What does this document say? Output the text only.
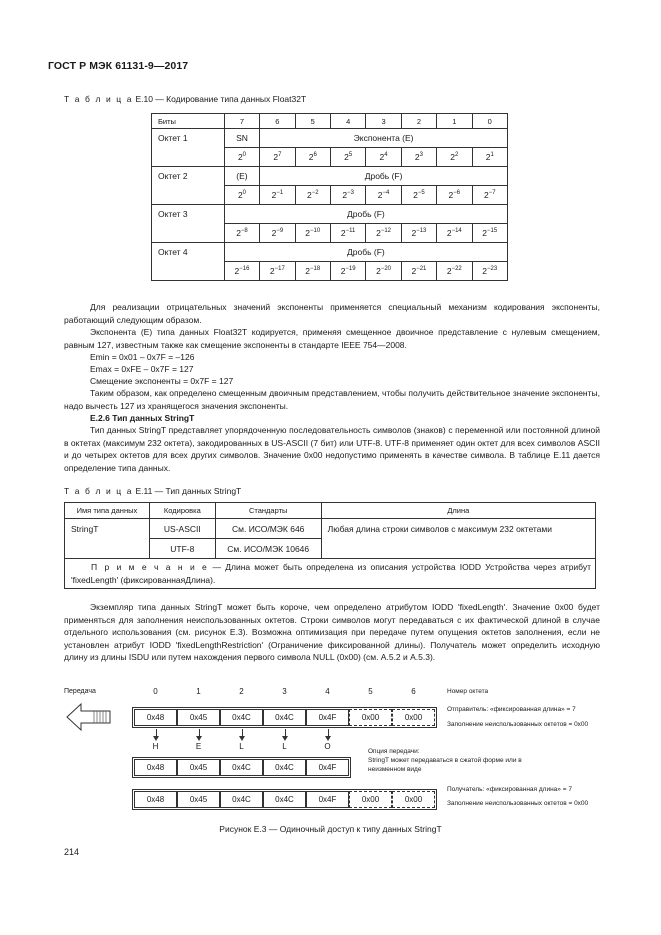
ГОСТ Р МЭК 61131-9—2017
Т а б л и ц а Е.10 — Кодирование типа данных Float32T
Биты	7	6	5	4	3	2	1	0
Октет 1	SN	Экспонента (Е)						
	$2^0$	$2^7$	$2^6$	$2^5$	$2^4$	$2^3$	$2^2$	$2^1$
Октет 2	(Е)	Дробь (F)						
	$2^0$	$2^{-1}$	$2^{-2}$	$2^{-3}$	$2^{-4}$	$2^{-5}$	$2^{-6}$	$2^{-7}$
Октет 3	Дробь (F)							
	$2^{-8}$	$2^{-9}$	$2^{-10}$	$2^{-11}$	$2^{-12}$	$2^{-13}$	$2^{-14}$	$2^{-15}$
Октет 4	Дробь (F)							
	$2^{-16}$	$2^{-17}$	$2^{-18}$	$2^{-19}$	$2^{-20}$	$2^{-21}$	$2^{-22}$	$2^{-23}$
Для реализации отрицательных значений экспоненты применяется специальный механизм кодирования экспоненты, работающий следующим образом.
Экспонента (Е) типа данных Float32T кодируется, применяя смещенное двоичное представление с нулевым смещением, равным 127, известным также как смещение экспоненты в стандарте IEEE 754—2008.
Emin = 0x01 – 0x7F = –126
Emax = 0xFE – 0x7F = 127
Смещение экспоненты = 0x7F = 127
Таким образом, как определено смещенным двоичным представлением, чтобы получить действительное значение экспоненты, надо вычесть 127 из хранящегося значения экспоненты.
Е.2.6 Тип данных StringT
Тип данных StringT представляет упорядоченную последовательность символов (знаков) с переменной или постоянной длиной в октетах (максимум 232 октета), закодированных в US-ASCII (7 бит) или UTF-8. UTF-8 применяет один октет для всех символов ASCII и до четырех октетов для всех других символов. Значение 0x00 недопустимо применять в качестве символа. В таблице Е.11 дается определение типа данных.
Т а б л и ц а Е.11 — Тип данных StringT
Имя типа данных	Кодировка	Стандарты	Длина
StringT	US-ASCII	См. ИСО/МЭК 646	Любая длина строки символов с максимум 232 октетами
	UTF-8	См. ИСО/МЭК 10646	
П р и м е ч а н и е — Длина может быть определена из описания устройства IODD Устройства через атрибут 'fixedLength' (фиксированнаяДлина).			
Экземпляр типа данных StringT может быть короче, чем определено атрибутом IODD 'fixedLength'. Значение 0x00 будет применяться для заполнения неиспользованных октетов. Строки символов могут передаваться с их фактической длиной в случае отдельного использования (см. рисунок Е.3). Возможна оптимизация при передаче путем опущения октетов заполнения, если не установлен атрибут IODD 'fixedLengthRestriction' (Ограничение фиксированной длины). Получатель может определить исходную длину из длины ISDU или путем нахождения первого символа NULL (0x00) (см. А.5.2 и А.5.3).
Передача	Номер октета
0	1	2	3	4	5	6
0x48	0x45	0x4C	0x4C	0x4F	0x00	0x00
H	E	L	L	O
0x48	0x45	0x4C	0x4C	0x4F
0x48	0x45	0x4C	0x4C	0x4F	0x00	0x00
Отправитель: «фиксированная длина» = 7
Заполнение неиспользованных октетов = 0x00
Опция передачи:
StringT может передаваться в сжатой форме или в неизменном виде
Получатель: «фиксированная длина» = 7
Заполнение неиспользованных октетов = 0x00
Рисунок Е.3 — Одиночный доступ к типу данных StringT
214
